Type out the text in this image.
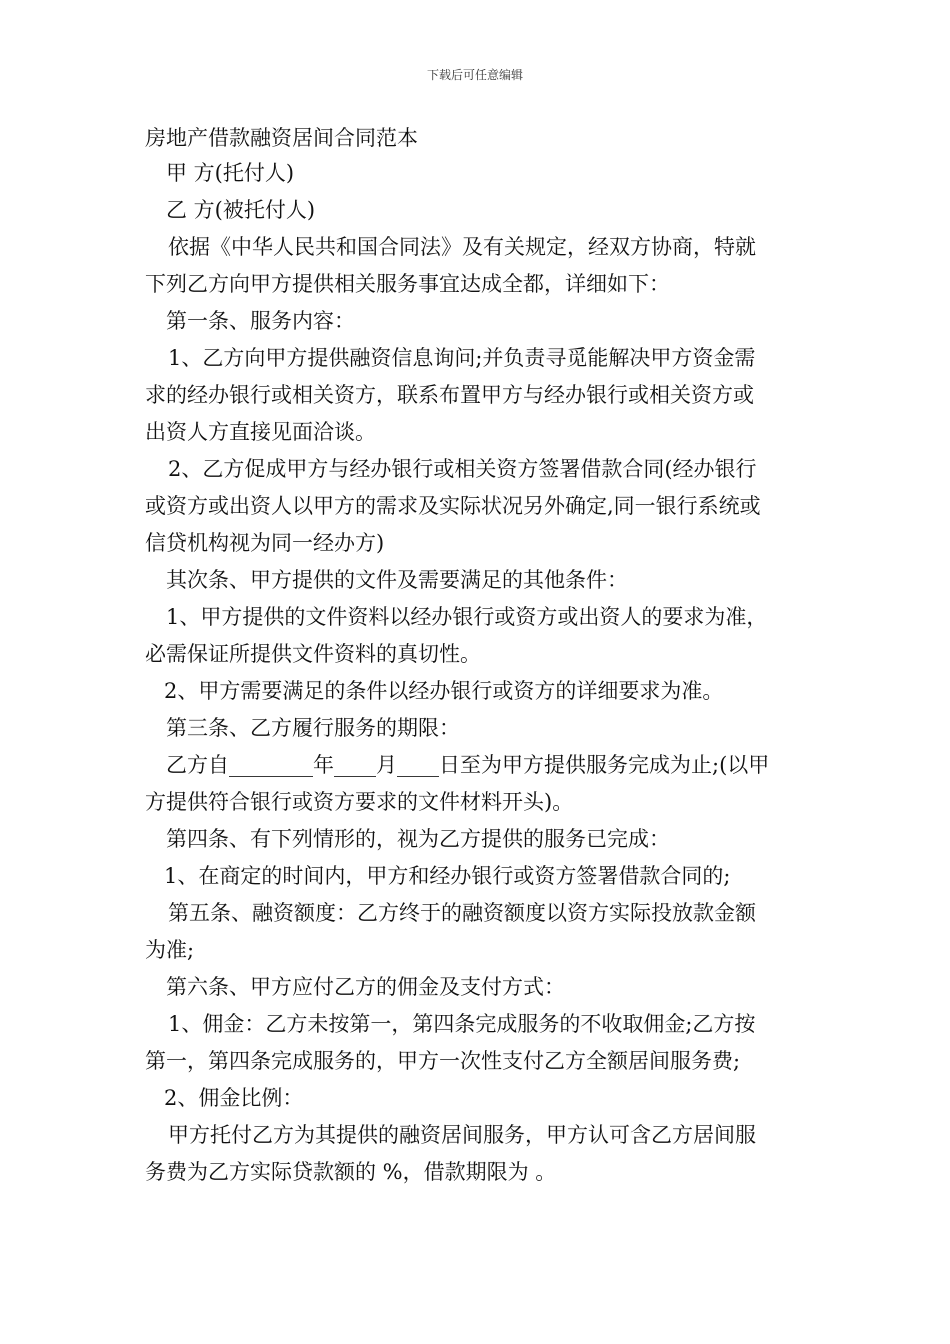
下载后可任意编辑
房地产借款融资居间合同范本
甲 方(托付人)
乙 方(被托付人)
依据《中华人民共和国合同法》及有关规定，经双方协商，特就
下列乙方向甲方提供相关服务事宜达成全都，详细如下：
第一条、服务内容：
1、乙方向甲方提供融资信息询问;并负责寻觅能解决甲方资金需
求的经办银行或相关资方，联系布置甲方与经办银行或相关资方或
出资人方直接见面洽谈。
2、乙方促成甲方与经办银行或相关资方签署借款合同(经办银行
或资方或出资人以甲方的需求及实际状况另外确定,同一银行系统或
信贷机构视为同一经办方)
其次条、甲方提供的文件及需要满足的其他条件：
1、甲方提供的文件资料以经办银行或资方或出资人的要求为准，
必需保证所提供文件资料的真切性。
2、甲方需要满足的条件以经办银行或资方的详细要求为准。
第三条、乙方履行服务的期限：
乙方自________年____月____日至为甲方提供服务完成为止;(以甲
方提供符合银行或资方要求的文件材料开头)。
第四条、有下列情形的，视为乙方提供的服务已完成：
1、在商定的时间内，甲方和经办银行或资方签署借款合同的;
第五条、融资额度：乙方终于的融资额度以资方实际投放款金额
为准;
第六条、甲方应付乙方的佣金及支付方式：
1、佣金：乙方未按第一，第四条完成服务的不收取佣金;乙方按
第一，第四条完成服务的，甲方一次性支付乙方全额居间服务费;
2、佣金比例：
甲方托付乙方为其提供的融资居间服务，甲方认可含乙方居间服
务费为乙方实际贷款额的 %，借款期限为 。
